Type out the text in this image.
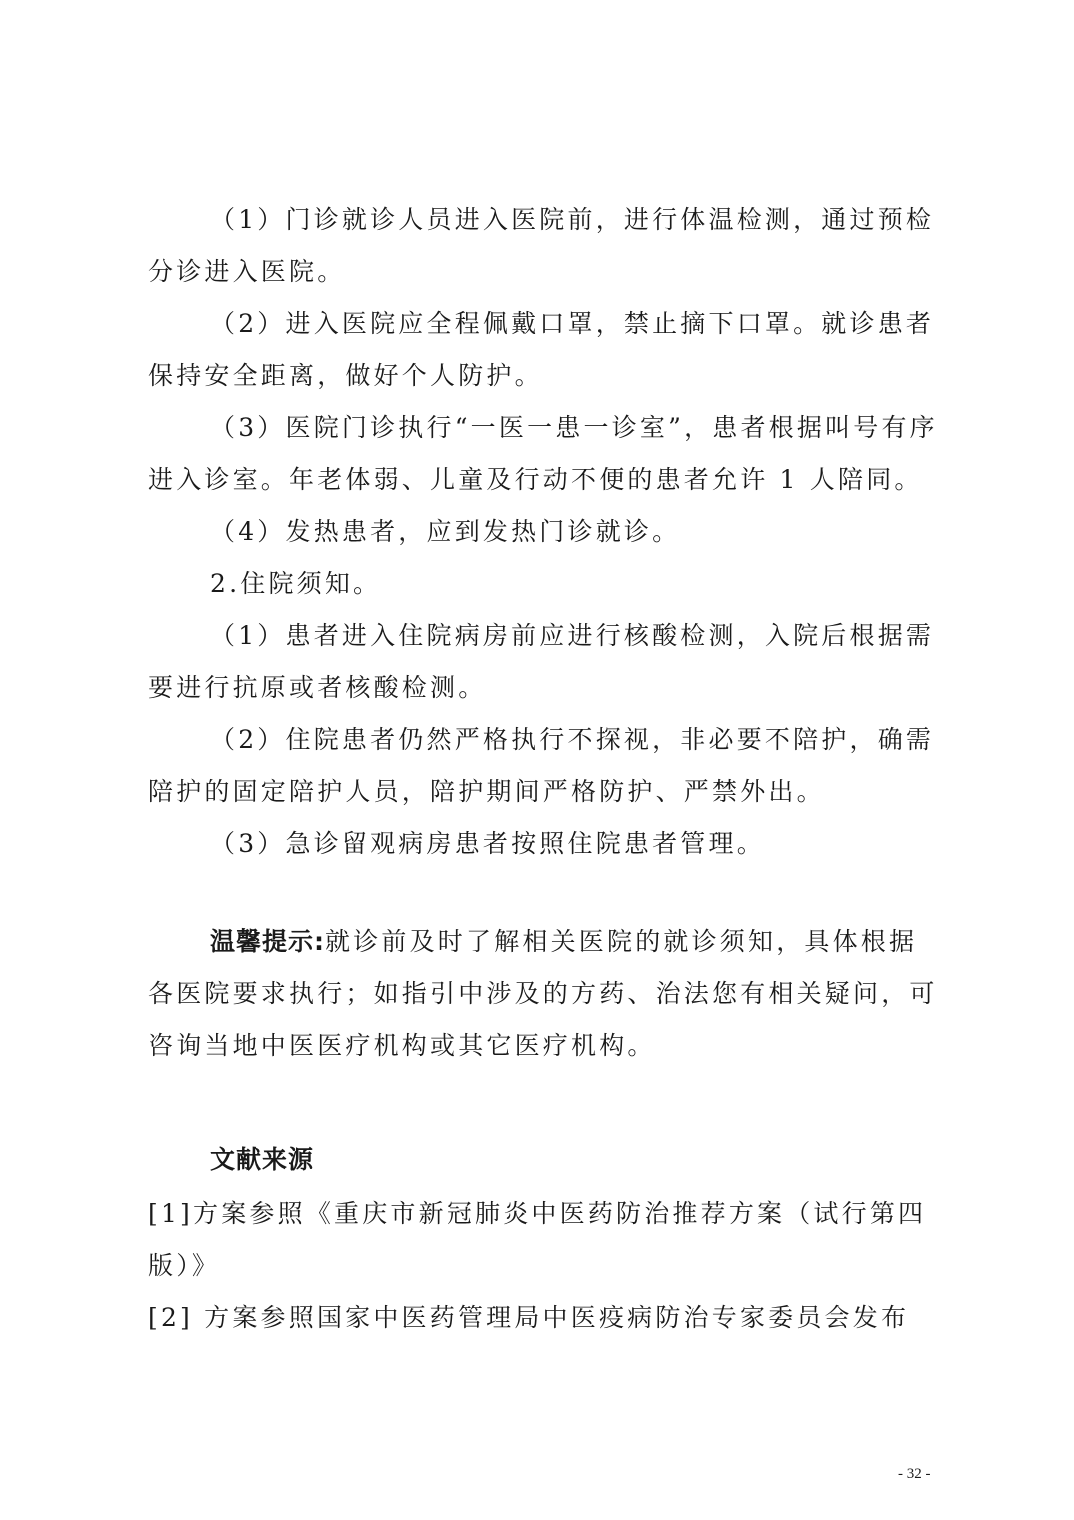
（1）门诊就诊人员进入医院前，进行体温检测，通过预检分诊进入医院。

（2）进入医院应全程佩戴口罩，禁止摘下口罩。就诊患者保持安全距离，做好个人防护。

（3）医院门诊执行“一医一患一诊室”，患者根据叫号有序进入诊室。年老体弱、儿童及行动不便的患者允许 1 人陪同。

（4）发热患者，应到发热门诊就诊。

2.住院须知。

（1）患者进入住院病房前应进行核酸检测，入院后根据需要进行抗原或者核酸检测。

（2）住院患者仍然严格执行不探视，非必要不陪护，确需陪护的固定陪护人员，陪护期间严格防护、严禁外出。

（3）急诊留观病房患者按照住院患者管理。

温馨提示:就诊前及时了解相关医院的就诊须知，具体根据各医院要求执行；如指引中涉及的方药、治法您有相关疑问，可咨询当地中医医疗机构或其它医疗机构。

文献来源

[1]方案参照《重庆市新冠肺炎中医药防治推荐方案（试行第四版）》

[2] 方案参照国家中医药管理局中医疫病防治专家委员会发布

- 32 -
